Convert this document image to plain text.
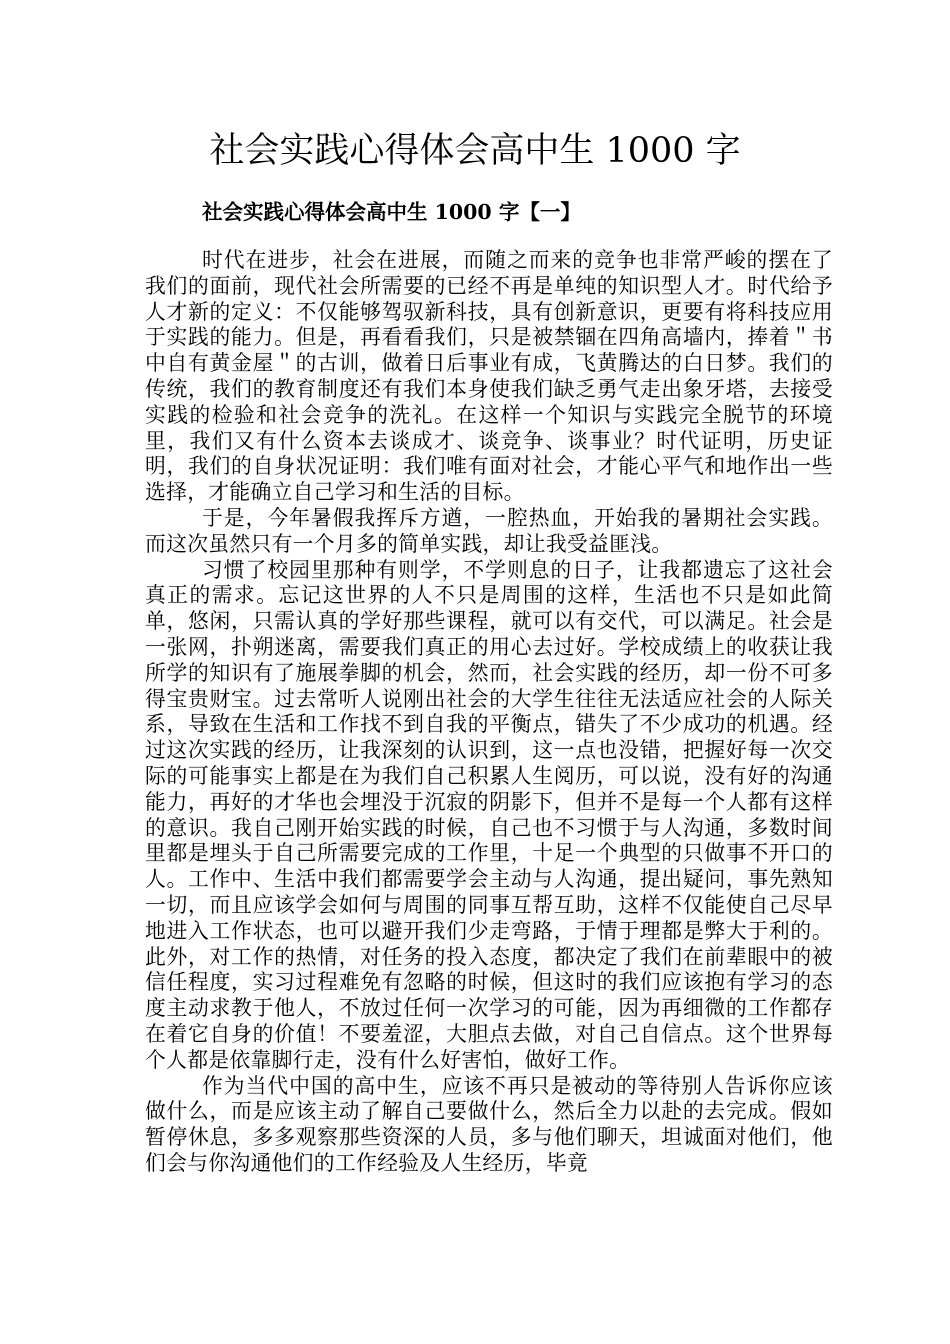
社会实践心得体会高中生 1000 字
社会实践心得体会高中生 1000 字【一】

时代在进步，社会在进展，而随之而来的竞争也非常严峻的摆在了我们的面前，现代社会所需要的已经不再是单纯的知识型人才。时代给予人才新的定义：不仅能够驾驭新科技，具有创新意识，更要有将科技应用于实践的能力。但是，再看看我们，只是被禁锢在四角高墙内，捧着＂书中自有黄金屋＂的古训，做着日后事业有成，飞黄腾达的白日梦。我们的传统，我们的教育制度还有我们本身使我们缺乏勇气走出象牙塔，去接受实践的检验和社会竞争的洗礼。在这样一个知识与实践完全脱节的环境里，我们又有什么资本去谈成才、谈竞争、谈事业？时代证明，历史证明，我们的自身状况证明：我们唯有面对社会，才能心平气和地作出一些选择，才能确立自己学习和生活的目标。

于是，今年暑假我挥斥方遒，一腔热血，开始我的暑期社会实践。而这次虽然只有一个月多的简单实践，却让我受益匪浅。

习惯了校园里那种有则学，不学则息的日子，让我都遗忘了这社会真正的需求。忘记这世界的人不只是周围的这样，生活也不只是如此简单，悠闲，只需认真的学好那些课程，就可以有交代，可以满足。社会是一张网，扑朔迷离，需要我们真正的用心去过好。学校成绩上的收获让我所学的知识有了施展拳脚的机会，然而，社会实践的经历，却一份不可多得宝贵财宝。过去常听人说刚出社会的大学生往往无法适应社会的人际关系，导致在生活和工作找不到自我的平衡点，错失了不少成功的机遇。经过这次实践的经历，让我深刻的认识到，这一点也没错，把握好每一次交际的可能事实上都是在为我们自己积累人生阅历，可以说，没有好的沟通能力，再好的才华也会埋没于沉寂的阴影下，但并不是每一个人都有这样的意识。我自己刚开始实践的时候，自己也不习惯于与人沟通，多数时间里都是埋头于自己所需要完成的工作里，十足一个典型的只做事不开口的人。工作中、生活中我们都需要学会主动与人沟通，提出疑问，事先熟知一切，而且应该学会如何与周围的同事互帮互助，这样不仅能使自己尽早地进入工作状态，也可以避开我们少走弯路，于情于理都是弊大于利的。此外，对工作的热情，对任务的投入态度，都决定了我们在前辈眼中的被信任程度，实习过程难免有忽略的时候，但这时的我们应该抱有学习的态度主动求教于他人，不放过任何一次学习的可能，因为再细微的工作都存在着它自身的价值！不要羞涩，大胆点去做，对自己自信点。这个世界每个人都是依靠脚行走，没有什么好害怕，做好工作。

作为当代中国的高中生，应该不再只是被动的等待别人告诉你应该做什么，而是应该主动了解自己要做什么，然后全力以赴的去完成。假如暂停休息，多多观察那些资深的人员，多与他们聊天，坦诚面对他们，他们会与你沟通他们的工作经验及人生经历，毕竟
